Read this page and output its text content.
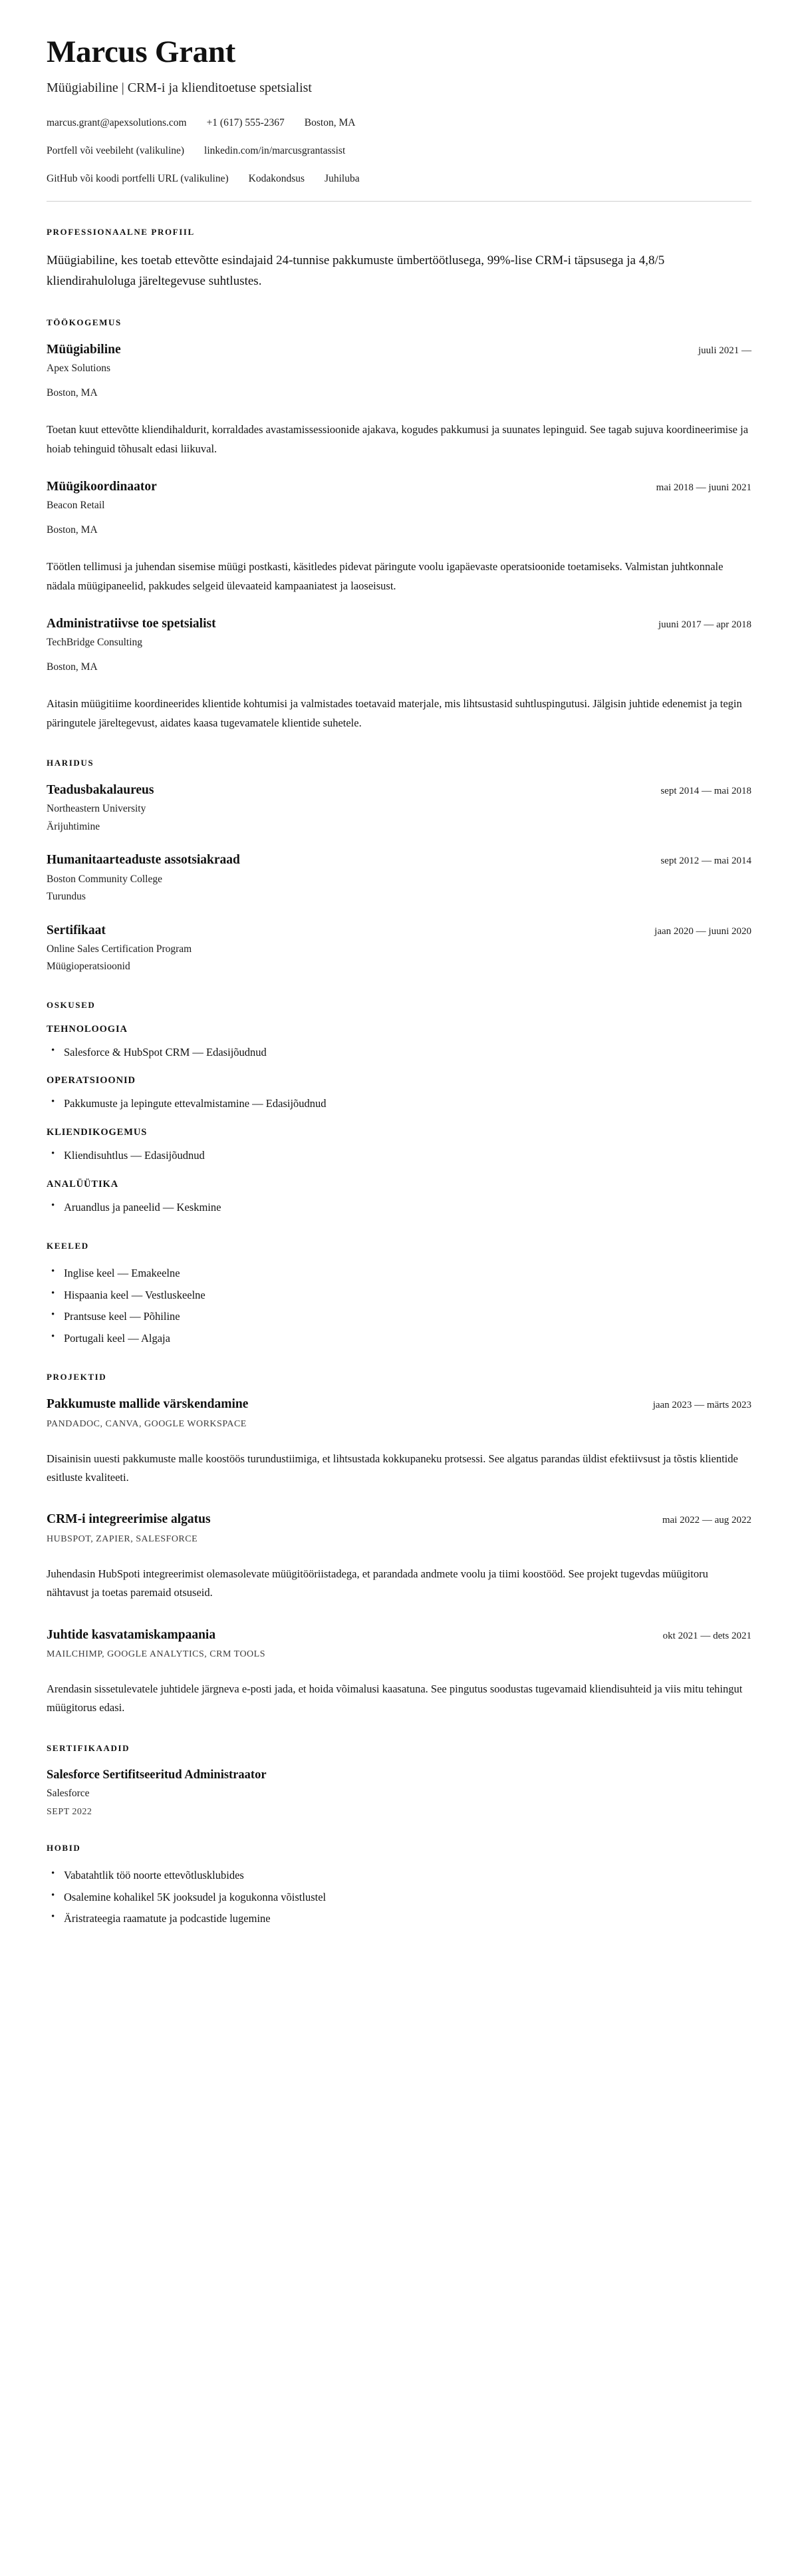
Marcus Grant
Müügiabiline | CRM-i ja klienditoetuse spetsialist
marcus.grant@apexsolutions.com +1 (617) 555-2367 Boston, MA
Portfell või veebileht (valikuline) linkedin.com/in/marcusgrantassist
GitHub või koodi portfelli URL (valikuline) Kodakondsus Juhiluba
PROFESSIONAALNE PROFIIL

Müügiabiline, kes toetab ettevõtte esindajaid 24-tunnise pakkumuste ümbertöötlusega, 99%-lise CRM-i täpsusega ja 4,8/5 kliendirahuloluga järeltegevuse suhtlustes.

TÖÖKOGEMUS
Müügiabiline	juuli 2021 —
Apex Solutions
Boston, MA

Toetan kuut ettevõtte kliendihaldurit, korraldades avastamissessioonide ajakava, kogudes pakkumusi ja suunates lepinguid. See tagab sujuva koordineerimise ja hoiab tehinguid tõhusalt edasi liikuval.

Müügikoordinaator	mai 2018 — juuni 2021
Beacon Retail
Boston, MA

Töötlen tellimusi ja juhendan sisemise müügi postkasti, käsitledes pidevat päringute voolu igapäevaste operatsioonide toetamiseks. Valmistan juhtkonnale nädala müügipaneelid, pakkudes selgeid ülevaateid kampaaniatest ja laoseisust.

Administratiivse toe spetsialist	juuni 2017 — apr 2018
TechBridge Consulting
Boston, MA

Aitasin müügitiime koordineerides klientide kohtumisi ja valmistades toetavaid materjale, mis lihtsustasid suhtluspingutusi. Jälgisin juhtide edenemist ja tegin päringutele järeltegevust, aidates kaasa tugevamatele klientide suhetele.

HARIDUS
Teadusbakalaureus	sept 2014 — mai 2018
Northeastern University
Ärijuhtimine
Humanitaarteaduste assotsiakraad	sept 2012 — mai 2014
Boston Community College
Turundus
Sertifikaat	jaan 2020 — juuni 2020
Online Sales Certification Program
Müügioperatsioonid
OSKUSED
TEHNOLOOGIA
• Salesforce & HubSpot CRM — Edasijõudnud
OPERATSIOONID
• Pakkumuste ja lepingute ettevalmistamine — Edasijõudnud
KLIENDIKOGEMUS
• Kliendisuhtlus — Edasijõudnud
ANALÜÜTIKA
• Aruandlus ja paneelid — Keskmine
KEELED
• Inglise keel — Emakeelne
• Hispaania keel — Vestluskeelne
• Prantsuse keel — Põhiline
• Portugali keel — Algaja
PROJEKTID
Pakkumuste mallide värskendamine	jaan 2023 — märts 2023
PANDADOC, CANVA, GOOGLE WORKSPACE

Disainisin uuesti pakkumuste malle koostöös turundustiimiga, et lihtsustada kokkupaneku protsessi. See algatus parandas üldist efektiivsust ja tõstis klientide esitluste kvaliteeti.

CRM-i integreerimise algatus	mai 2022 — aug 2022
HUBSPOT, ZAPIER, SALESFORCE

Juhendasin HubSpoti integreerimist olemasolevate müügitööriistadega, et parandada andmete voolu ja tiimi koostööd. See projekt tugevdas müügitoru nähtavust ja toetas paremaid otsuseid.

Juhtide kasvatamiskampaania	okt 2021 — dets 2021
MAILCHIMP, GOOGLE ANALYTICS, CRM TOOLS

Arendasin sissetulevatele juhtidele järgneva e-posti jada, et hoida võimalusi kaasatuna. See pingutus soodustas tugevamaid kliendisuhteid ja viis mitu tehingut müügitorus edasi.

SERTIFIKAADID
Salesforce Sertifitseeritud Administraator
Salesforce
SEPT 2022
HOBID
• Vabatahtlik töö noorte ettevõtlusklubides
• Osalemine kohalikel 5K jooksudel ja kogukonna võistlustel
• Äristrateegia raamatute ja podcastide lugemine
